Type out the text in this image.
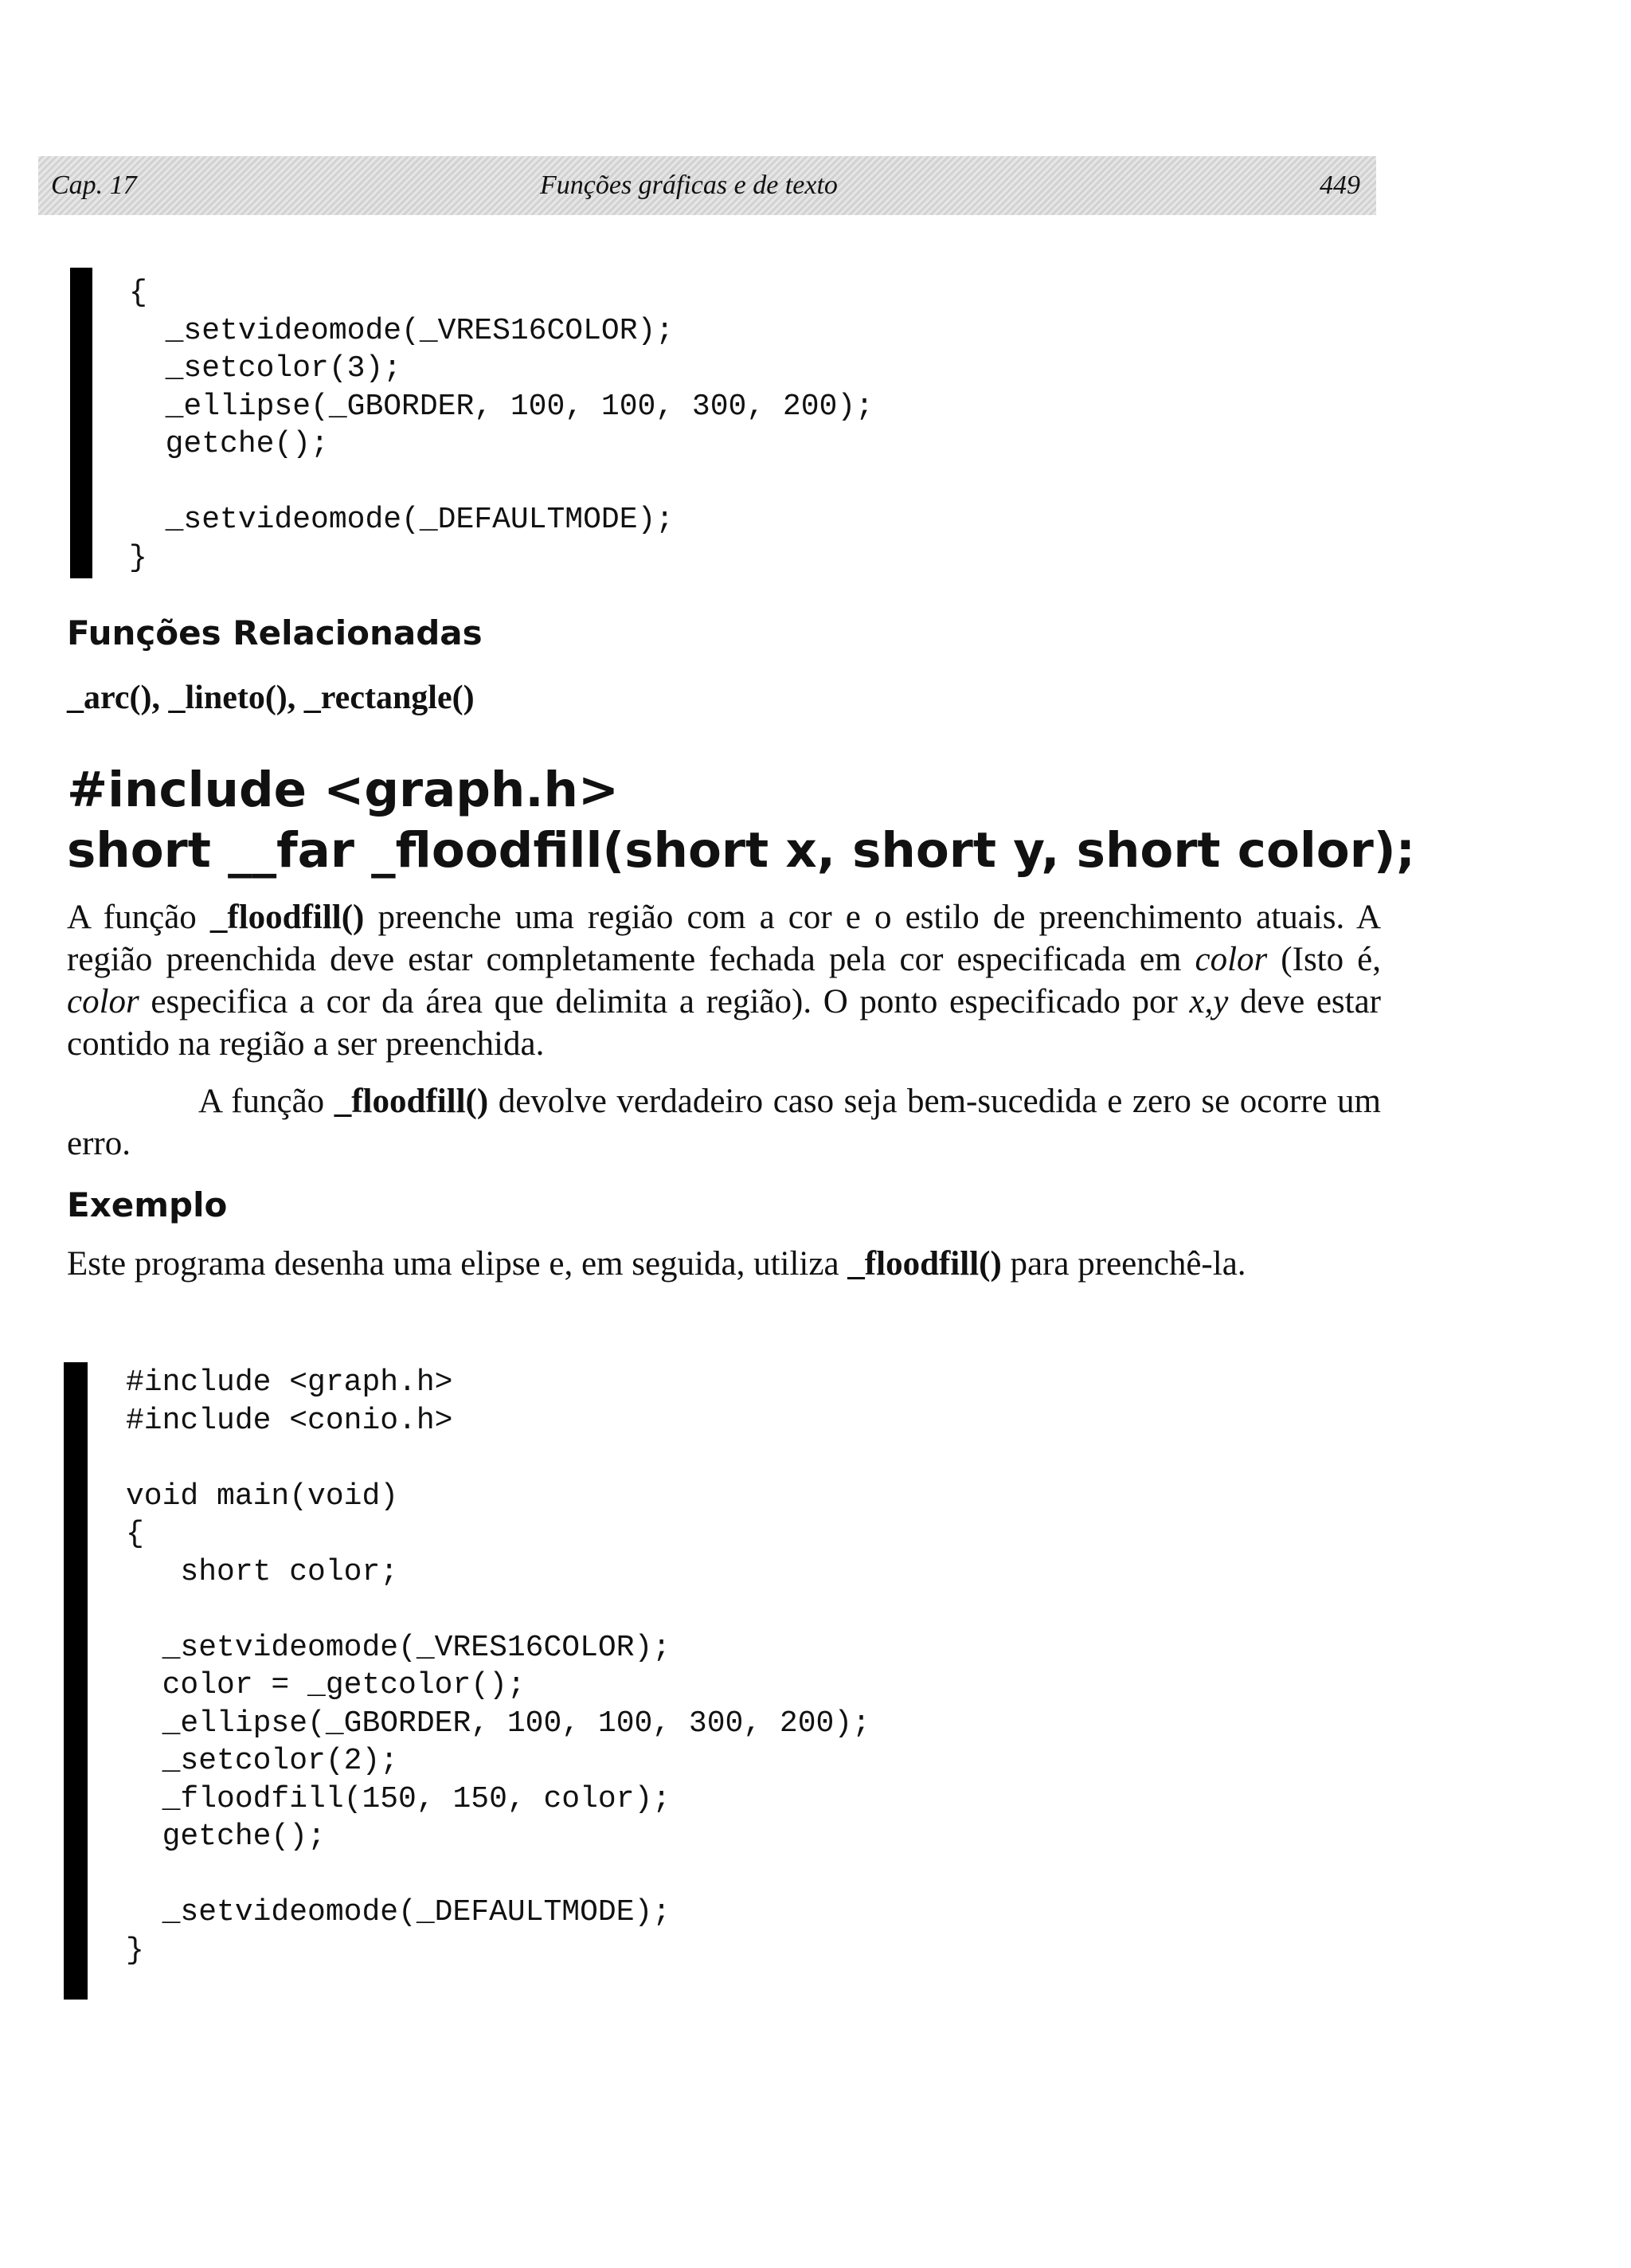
Cap. 17	Funções gráficas e de texto	449
{
_setvideomode(_VRES16COLOR);
_setcolor(3);
_ellipse(_GBORDER, 100, 100, 300, 200);
getche();

_setvideomode(_DEFAULTMODE);
}

Funções Relacionadas
_arc(), _lineto(), _rectangle()
#include <graph.h>
short __far _floodfill(short x, short y, short color);

A função _floodfill() preenche uma região com a cor e o estilo de preenchimento atuais. A região preenchida deve estar completamente fechada pela cor especificada em color (Isto é, color especifica a cor da área que delimita a região). O ponto especificado por x,y deve estar contido na região a ser preenchida.

A função _floodfill() devolve verdadeiro caso seja bem-sucedida e zero se ocorre um erro.

Exemplo

Este programa desenha uma elipse e, em seguida, utiliza _floodfill() para preenchê-la.

#include <graph.h>
#include <conio.h>

void main(void)
{
short color;

_setvideomode(_VRES16COLOR);
color = _getcolor();
_ellipse(_GBORDER, 100, 100, 300, 200);
_setcolor(2);
_floodfill(150, 150, color);
getche();

_setvideomode(_DEFAULTMODE);
}
